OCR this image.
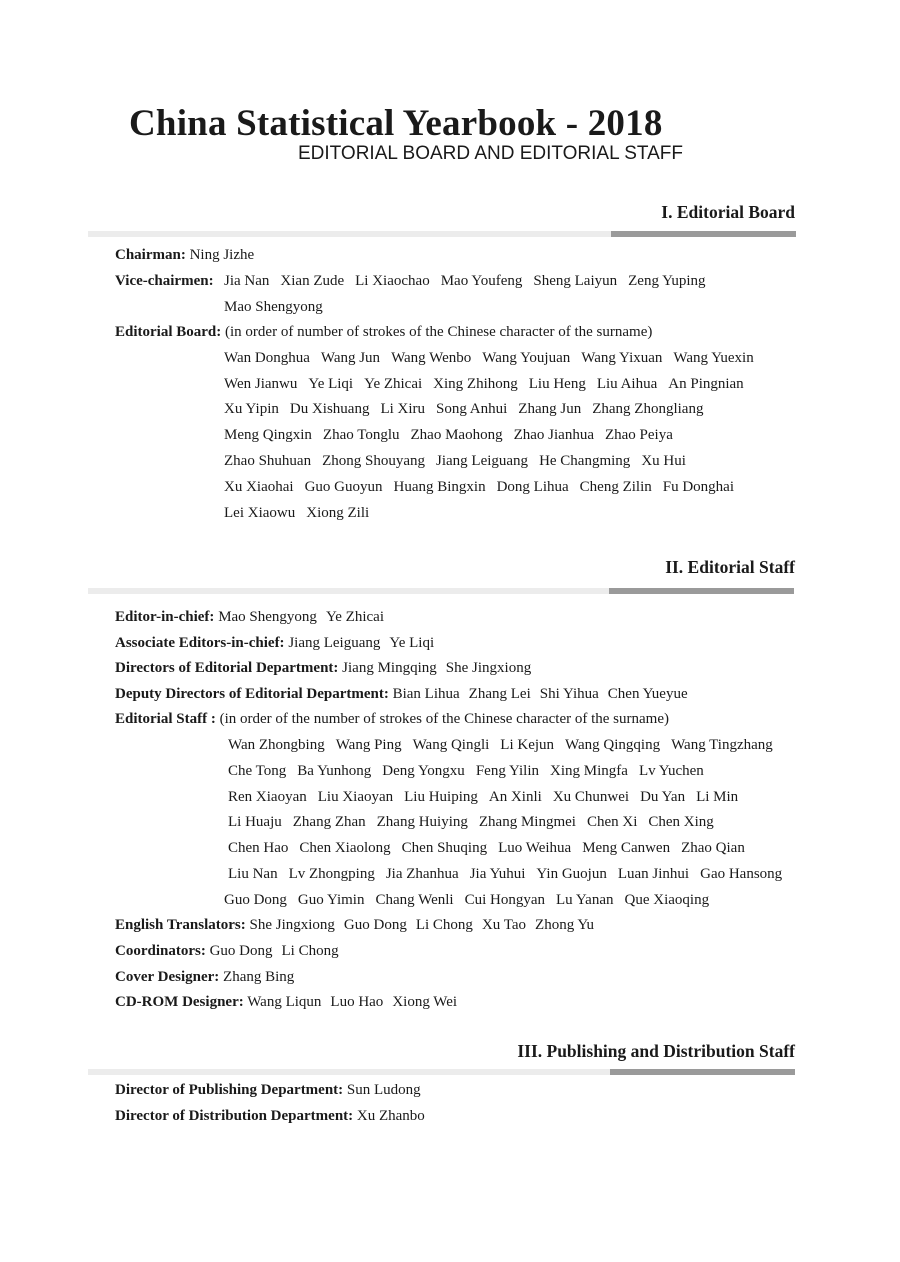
China Statistical Yearbook - 2018
EDITORIAL BOARD AND EDITORIAL STAFF
I. Editorial Board
Chairman: Ning Jizhe
Vice-chairmen: Jia Nan Xian Zude Li Xiaochao Mao Youfeng Sheng Laiyun Zeng Yuping
Mao Shengyong
Editorial Board: (in order of number of strokes of the Chinese character of the surname)
Wan Donghua Wang Jun Wang Wenbo Wang Youjuan Wang Yixuan Wang Yuexin
Wen Jianwu Ye Liqi Ye Zhicai Xing Zhihong Liu Heng Liu Aihua An Pingnian
Xu Yipin Du Xishuang Li Xiru Song Anhui Zhang Jun Zhang Zhongliang
Meng Qingxin Zhao Tonglu Zhao Maohong Zhao Jianhua Zhao Peiya
Zhao Shuhuan Zhong Shouyang Jiang Leiguang He Changming Xu Hui
Xu Xiaohai Guo Guoyun Huang Bingxin Dong Lihua Cheng Zilin Fu Donghai
Lei Xiaowu Xiong Zili
II. Editorial Staff
Editor-in-chief: Mao Shengyong Ye Zhicai
Associate Editors-in-chief: Jiang Leiguang Ye Liqi
Directors of Editorial Department: Jiang Mingqing She Jingxiong
Deputy Directors of Editorial Department: Bian Lihua Zhang Lei Shi Yihua Chen Yueyue
Editorial Staff : (in order of the number of strokes of the Chinese character of the surname)
Wan Zhongbing Wang Ping Wang Qingli Li Kejun Wang Qingqing Wang Tingzhang
Che Tong Ba Yunhong Deng Yongxu Feng Yilin Xing Mingfa Lv Yuchen
Ren Xiaoyan Liu Xiaoyan Liu Huiping An Xinli Xu Chunwei Du Yan Li Min
Li Huaju Zhang Zhan Zhang Huiying Zhang Mingmei Chen Xi Chen Xing
Chen Hao Chen Xiaolong Chen Shuqing Luo Weihua Meng Canwen Zhao Qian
Liu Nan Lv Zhongping Jia Zhanhua Jia Yuhui Yin Guojun Luan Jinhui Gao Hansong
Guo Dong Guo Yimin Chang Wenli Cui Hongyan Lu Yanan Que Xiaoqing
English Translators: She Jingxiong Guo Dong Li Chong Xu Tao Zhong Yu
Coordinators: Guo Dong Li Chong
Cover Designer: Zhang Bing
CD-ROM Designer: Wang Liqun Luo Hao Xiong Wei
III. Publishing and Distribution Staff
Director of Publishing Department: Sun Ludong
Director of Distribution Department: Xu Zhanbo
